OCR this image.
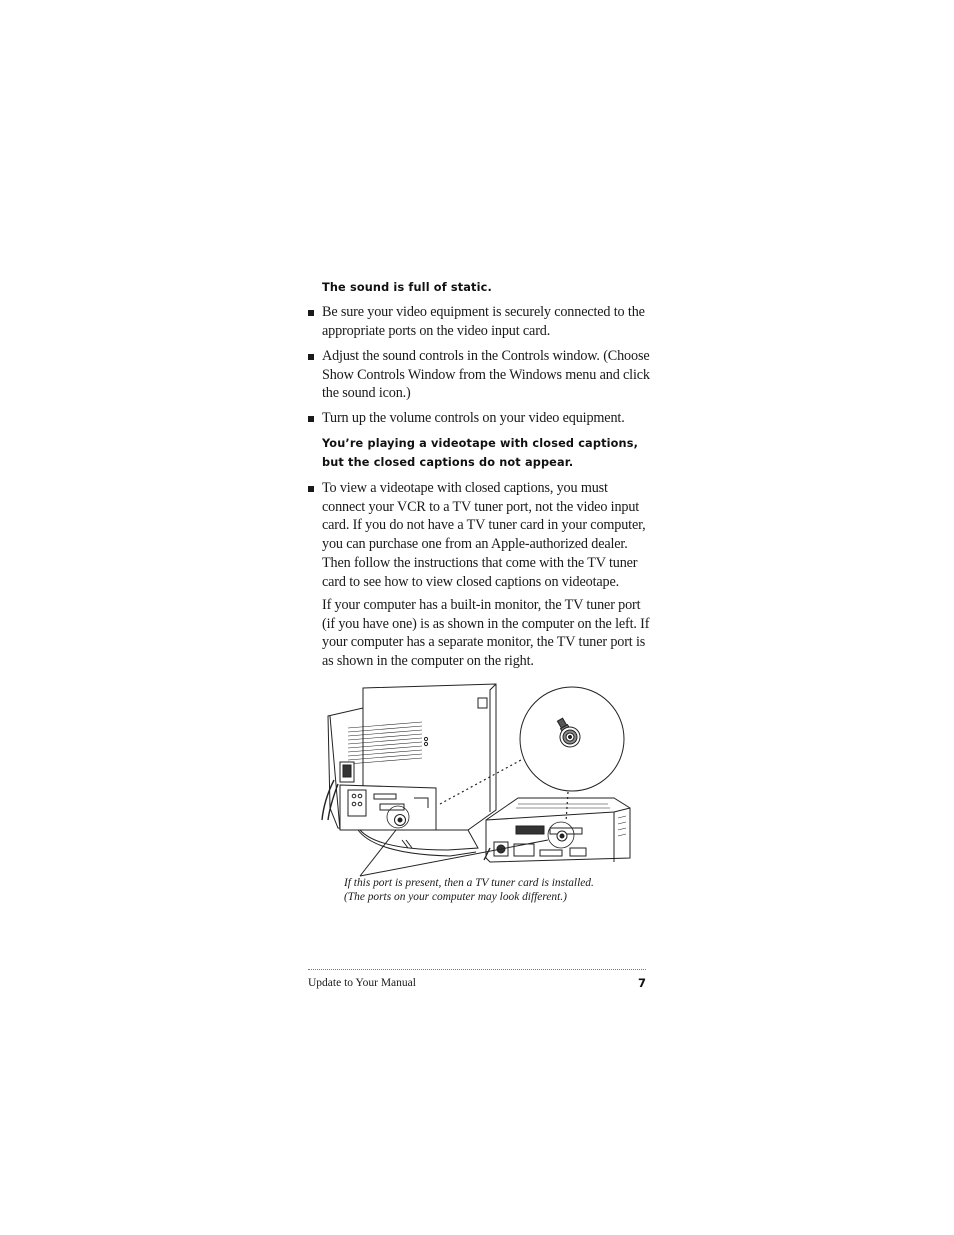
The sound is full of static.
Be sure your video equipment is securely connected to the appropriate ports on the video input card.
Adjust the sound controls in the Controls window. (Choose Show Controls Window from the Windows menu and click the sound icon.)
Turn up the volume controls on your video equipment.
You’re playing a videotape with closed captions,
but the closed captions do not appear.
To view a videotape with closed captions, you must connect your VCR to a TV tuner port, not the video input card. If you do not have a TV tuner card in your computer, you can purchase one from an Apple-authorized dealer. Then follow the instructions that come with the TV tuner card to see how to view closed captions on videotape.

If your computer has a built-in monitor, the TV tuner port (if you have one) is as shown in the computer on the left. If your computer has a separate monitor, the TV tuner port is as shown in the computer on the right.

If this port is present, then a TV tuner card is installed.
(The ports on your computer may look different.)
Update to Your Manual	7
